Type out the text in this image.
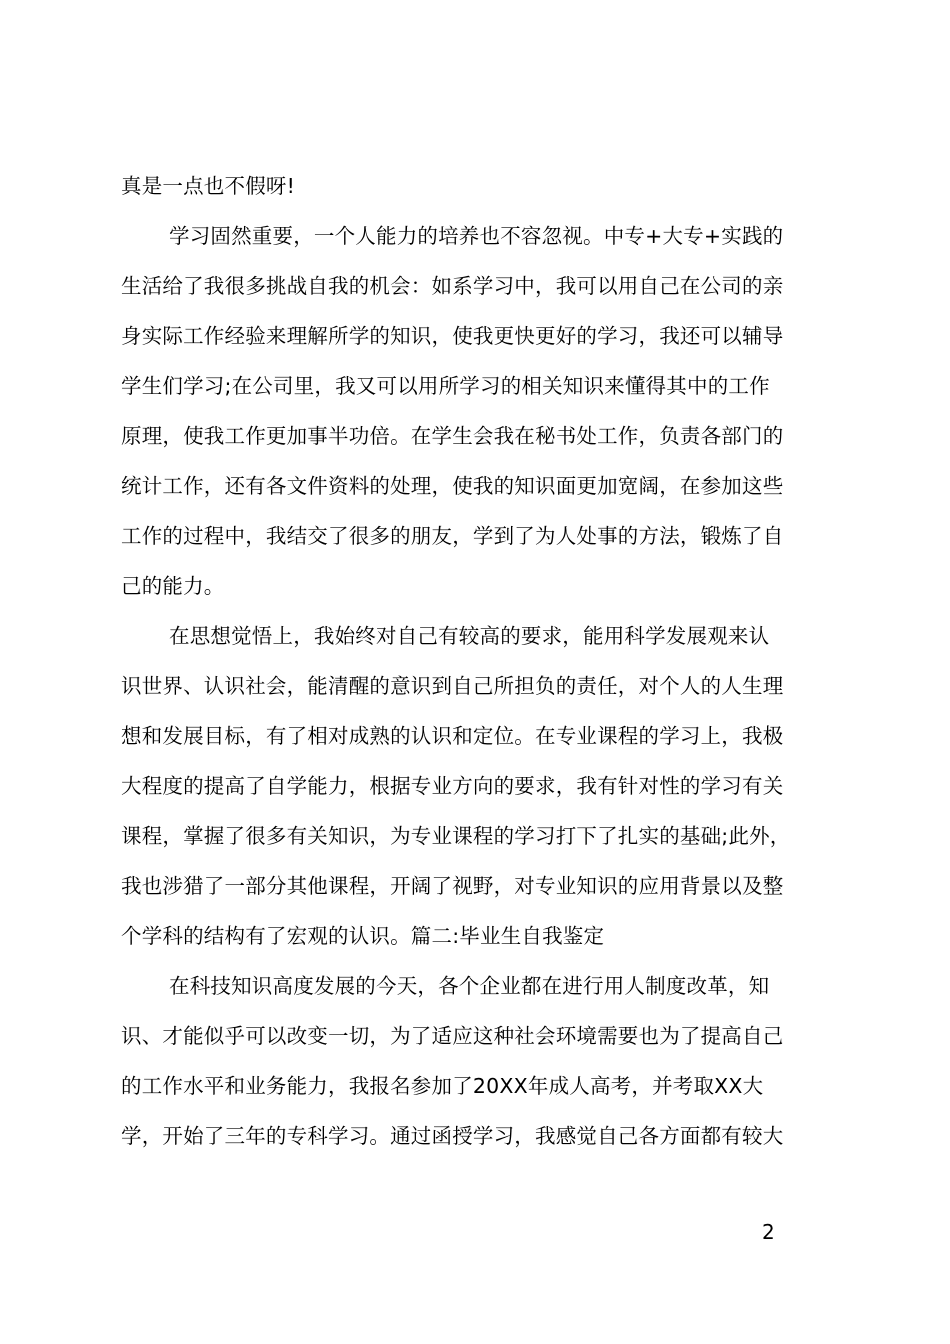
真是一点也不假呀!
学习固然重要，一个人能力的培养也不容忽视。中专+大专+实践的
生活给了我很多挑战自我的机会：如系学习中，我可以用自己在公司的亲
身实际工作经验来理解所学的知识，使我更快更好的学习，我还可以辅导
学生们学习;在公司里，我又可以用所学习的相关知识来懂得其中的工作
原理，使我工作更加事半功倍。在学生会我在秘书处工作，负责各部门的
统计工作，还有各文件资料的处理，使我的知识面更加宽阔，在参加这些
工作的过程中，我结交了很多的朋友，学到了为人处事的方法，锻炼了自
己的能力。
在思想觉悟上，我始终对自己有较高的要求，能用科学发展观来认
识世界、认识社会，能清醒的意识到自己所担负的责任，对个人的人生理
想和发展目标，有了相对成熟的认识和定位。在专业课程的学习上，我极
大程度的提高了自学能力，根据专业方向的要求，我有针对性的学习有关
课程，掌握了很多有关知识，为专业课程的学习打下了扎实的基础;此外，
我也涉猎了一部分其他课程，开阔了视野，对专业知识的应用背景以及整
个学科的结构有了宏观的认识。篇二:毕业生自我鉴定
在科技知识高度发展的今天，各个企业都在进行用人制度改革，知
识、才能似乎可以改变一切，为了适应这种社会环境需要也为了提高自己
的工作水平和业务能力，我报名参加了20XX年成人高考，并考取XX大
学，开始了三年的专科学习。通过函授学习，我感觉自己各方面都有较大
2
